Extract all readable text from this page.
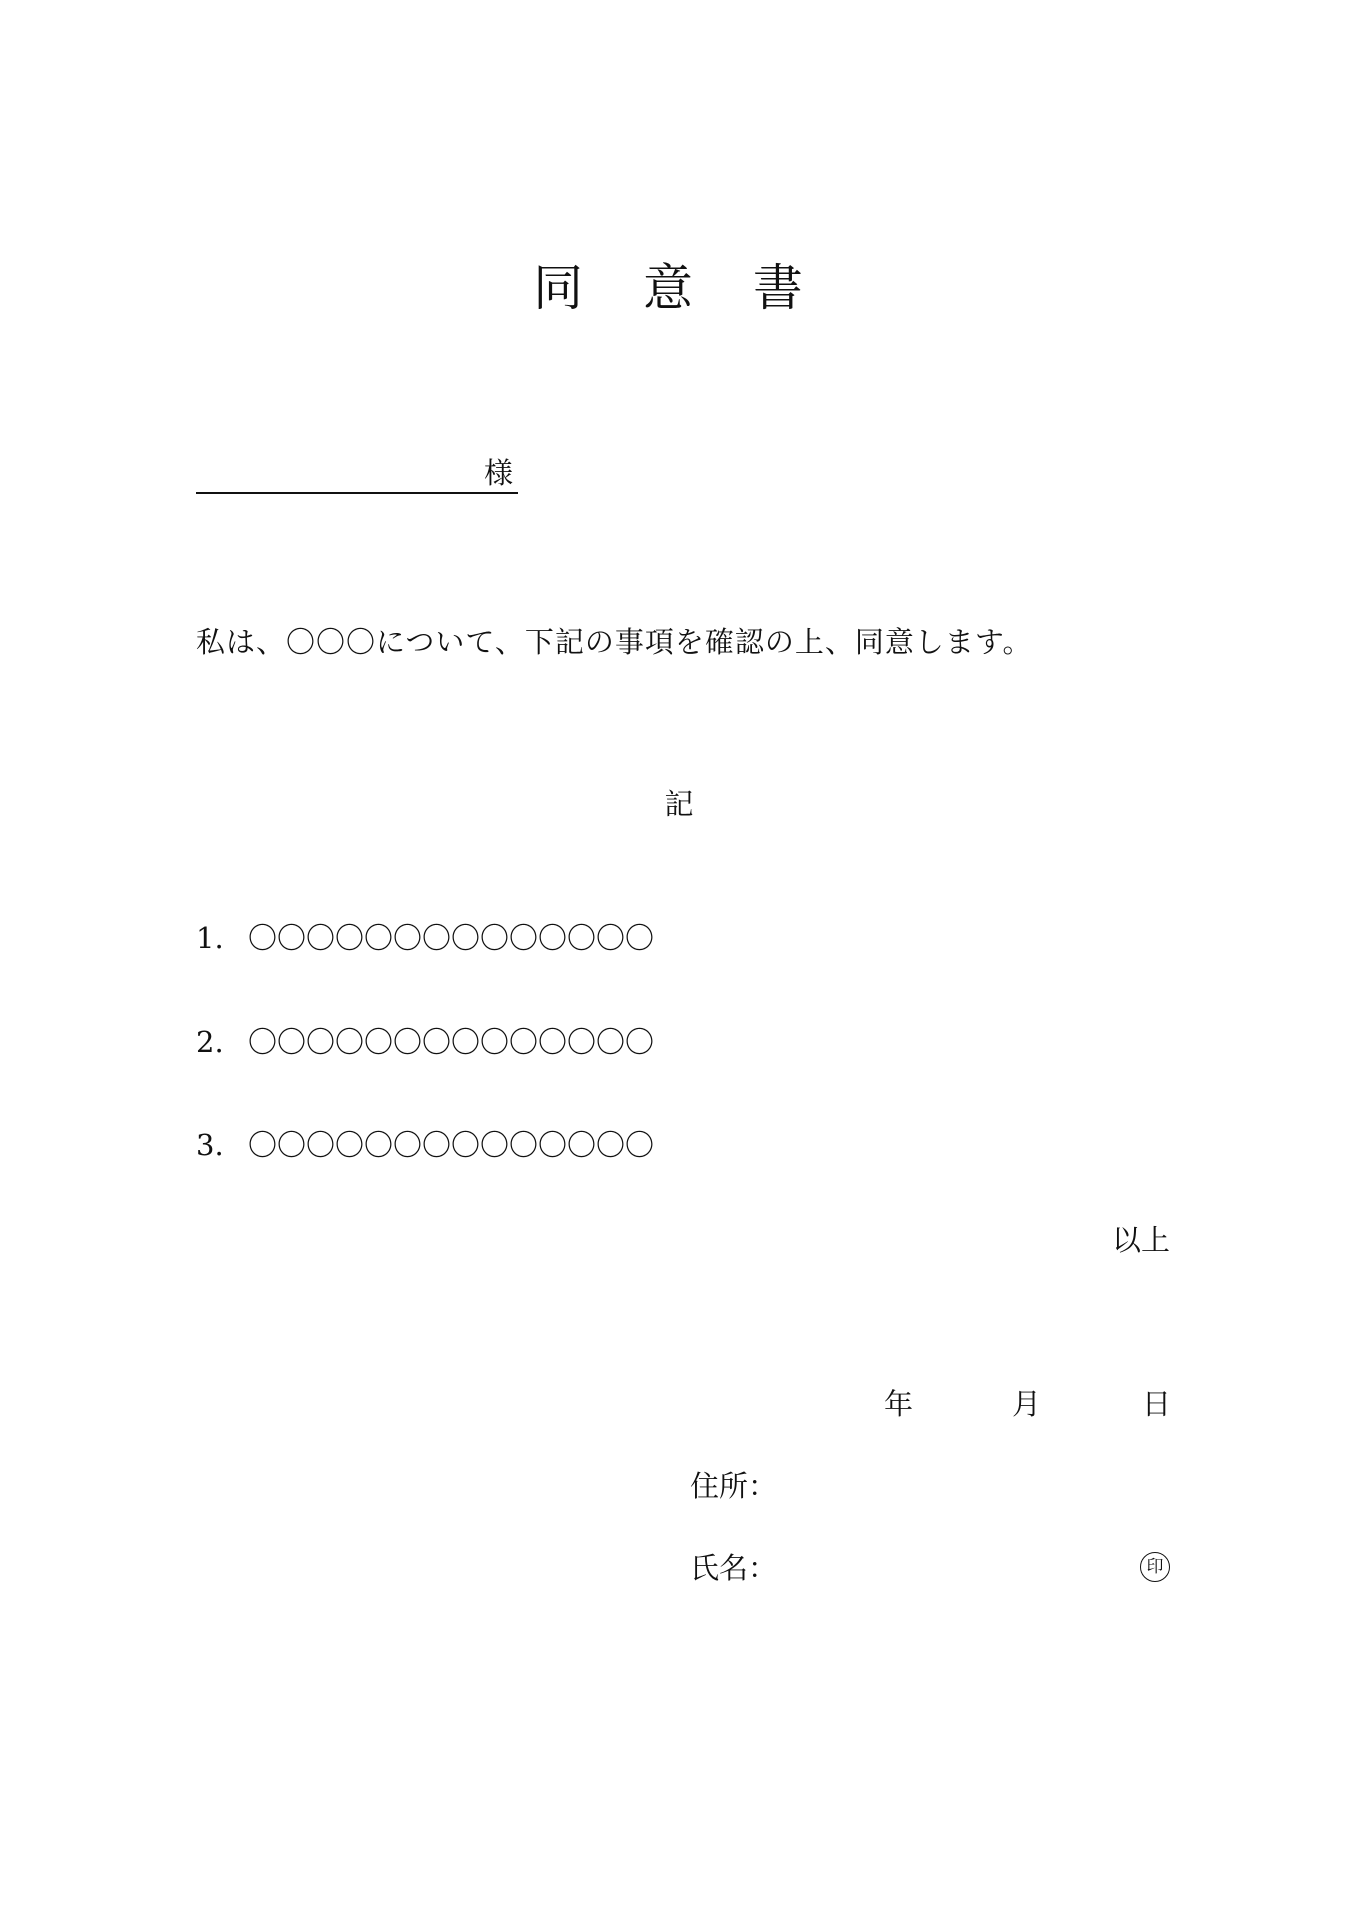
同 意 書
様
私は、〇〇〇について、下記の事項を確認の上、同意します。
記
1. 〇〇〇〇〇〇〇〇〇〇〇〇〇〇
2. 〇〇〇〇〇〇〇〇〇〇〇〇〇〇
3. 〇〇〇〇〇〇〇〇〇〇〇〇〇〇
以上
年	月	日
住所：
氏名：	印
